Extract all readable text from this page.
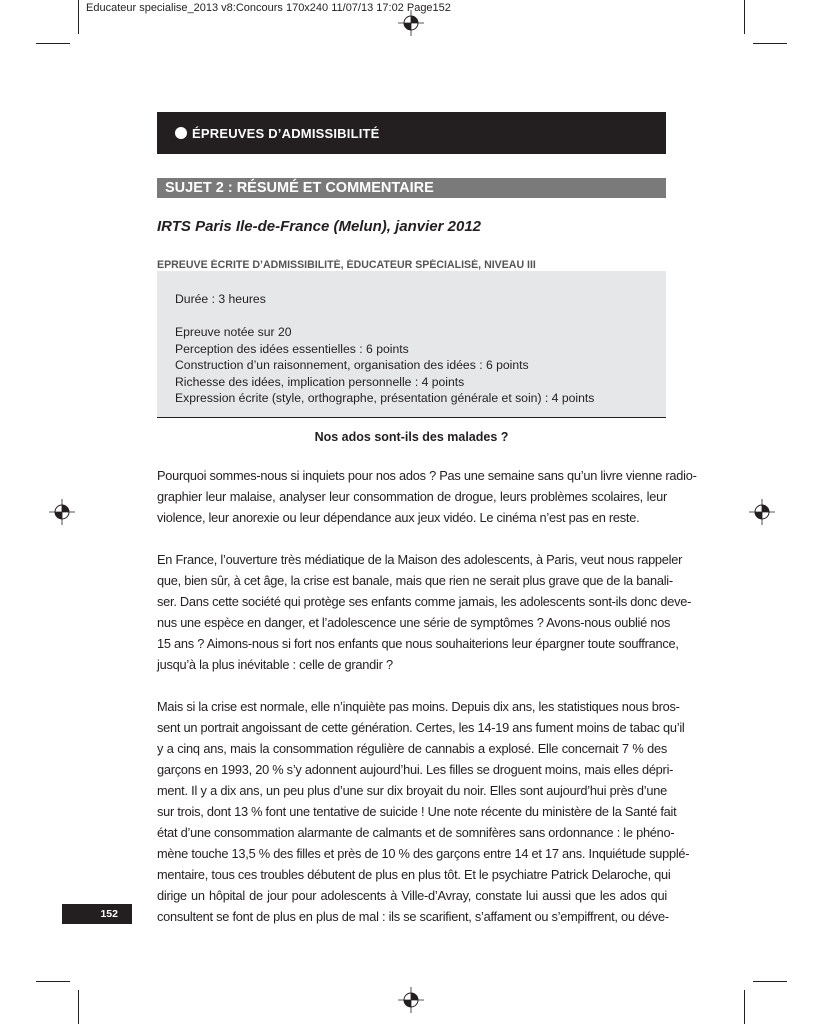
Educateur specialise_2013 v8:Concours 170x240 11/07/13 17:02 Page152
ÉPREUVES D’ADMISSIBILITÉ
SUJET 2 : RÉSUMÉ ET COMMENTAIRE
IRTS Paris Ile-de-France (Melun), janvier 2012
EPREUVE ÉCRITE D’ADMISSIBILITÉ, ÉDUCATEUR SPÉCIALISÉ, NIVEAU III
Durée : 3 heures
Epreuve notée sur 20
Perception des idées essentielles : 6 points
Construction d’un raisonnement, organisation des idées : 6 points
Richesse des idées, implication personnelle : 4 points
Expression écrite (style, orthographe, présentation générale et soin) : 4 points
Nos ados sont-ils des malades ?
Pourquoi sommes-nous si inquiets pour nos ados ? Pas une semaine sans qu’un livre vienne radio-
graphier leur malaise, analyser leur consommation de drogue, leurs problèmes scolaires, leur
violence, leur anorexie ou leur dépendance aux jeux vidéo. Le cinéma n’est pas en reste.
En France, l’ouverture très médiatique de la Maison des adolescents, à Paris, veut nous rappeler
que, bien sûr, à cet âge, la crise est banale, mais que rien ne serait plus grave que de la banali-
ser. Dans cette société qui protège ses enfants comme jamais, les adolescents sont-ils donc deve-
nus une espèce en danger, et l’adolescence une série de symptômes ? Avons-nous oublié nos
15 ans ? Aimons-nous si fort nos enfants que nous souhaiterions leur épargner toute souffrance,
jusqu’à la plus inévitable : celle de grandir ?
Mais si la crise est normale, elle n’inquiète pas moins. Depuis dix ans, les statistiques nous bros-
sent un portrait angoissant de cette génération. Certes, les 14-19 ans fument moins de tabac qu’il
y a cinq ans, mais la consommation régulière de cannabis a explosé. Elle concernait 7 % des
garçons en 1993, 20 % s’y adonnent aujourd’hui. Les filles se droguent moins, mais elles dépri-
ment. Il y a dix ans, un peu plus d’une sur dix broyait du noir. Elles sont aujourd’hui près d’une
sur trois, dont 13 % font une tentative de suicide ! Une note récente du ministère de la Santé fait
état d’une consommation alarmante de calmants et de somnifères sans ordonnance : le phéno-
mène touche 13,5 % des filles et près de 10 % des garçons entre 14 et 17 ans. Inquiétude supplé-
mentaire, tous ces troubles débutent de plus en plus tôt. Et le psychiatre Patrick Delaroche, qui
dirige un hôpital de jour pour adolescents à Ville-d’Avray, constate lui aussi que les ados qui
consultent se font de plus en plus de mal : ils se scarifient, s’affament ou s’empiffrent, ou déve-
152
